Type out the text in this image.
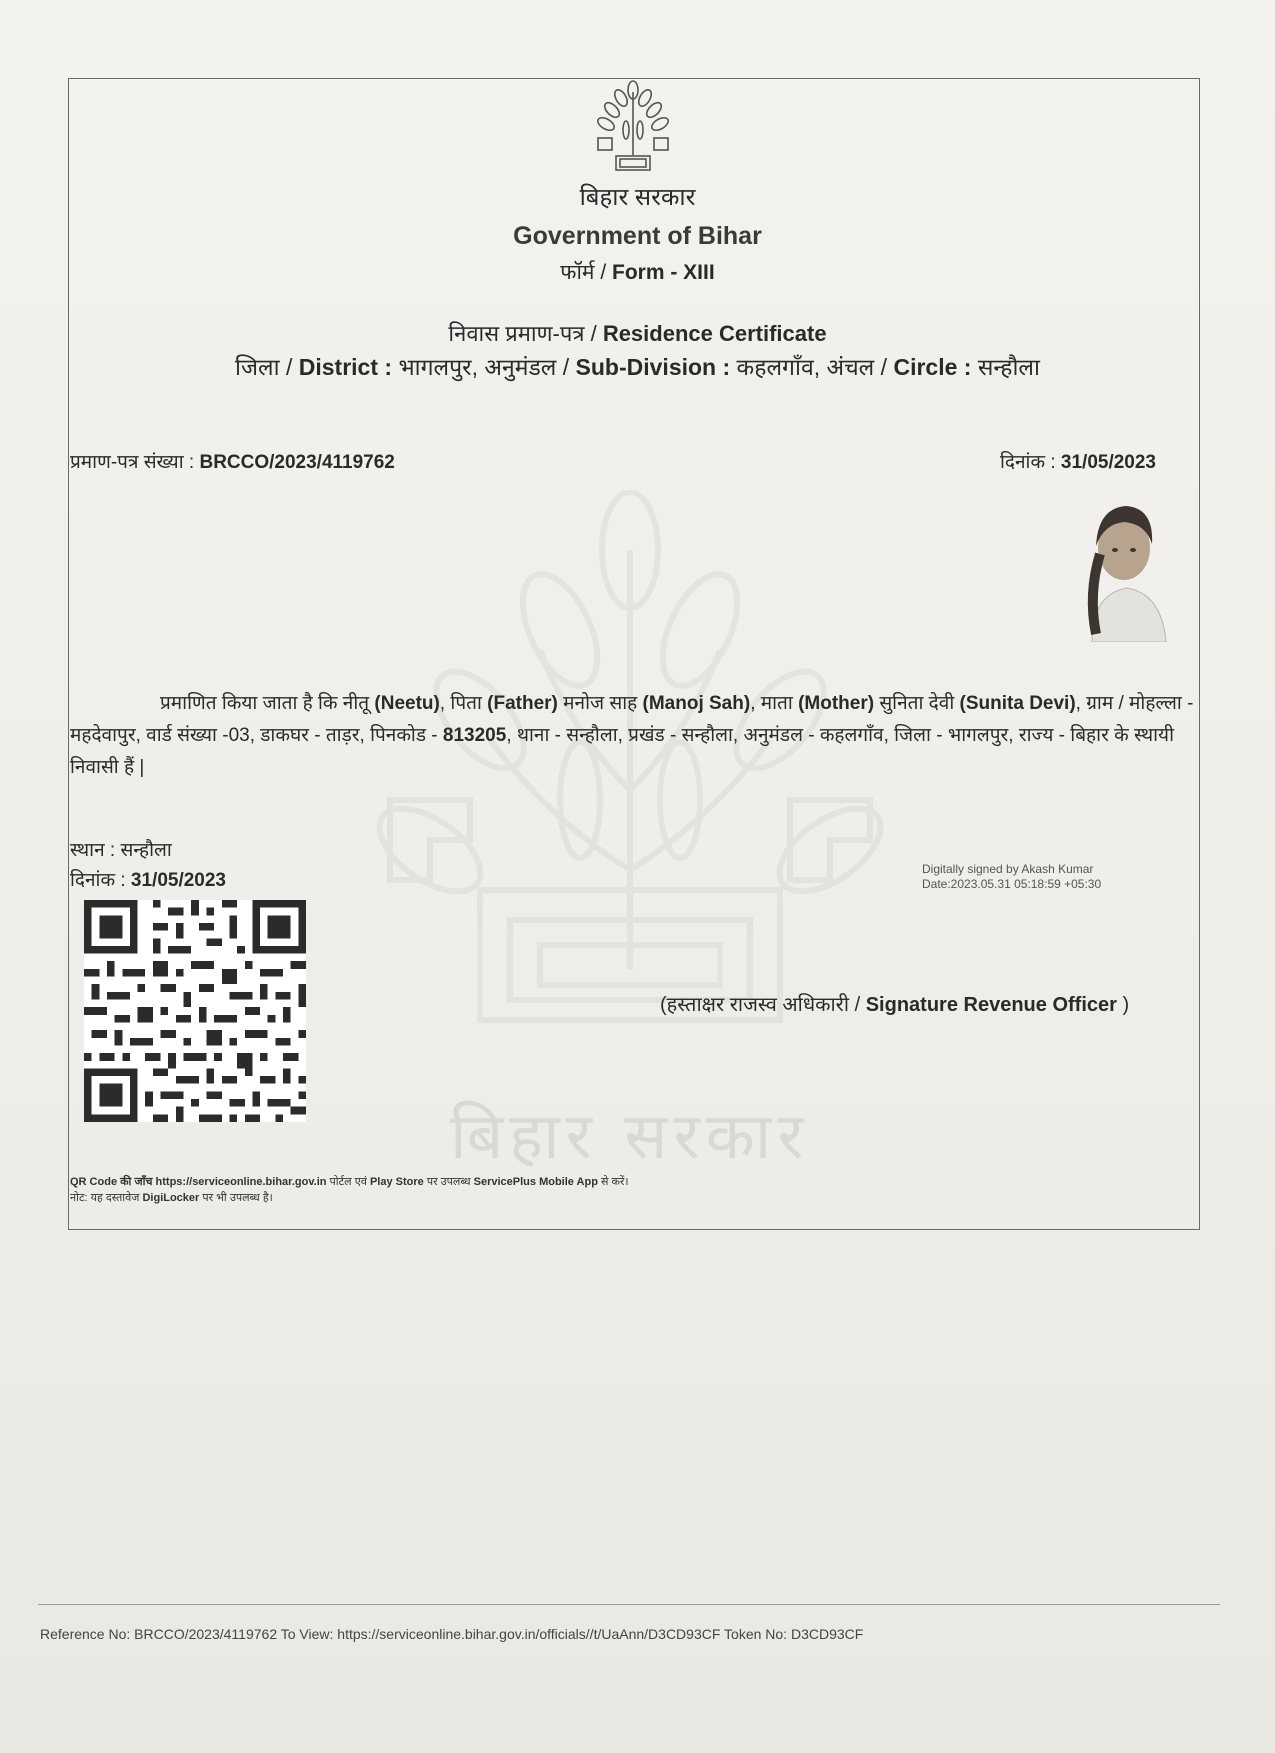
बिहार सरकार
बिहार सरकार
Government of Bihar
फॉर्म / Form - XIII
निवास प्रमाण-पत्र / Residence Certificate
जिला / District : भागलपुर, अनुमंडल / Sub-Division : कहलगाँव, अंचल / Circle : सन्हौला
प्रमाण-पत्र संख्या : BRCCO/2023/4119762	दिनांक : 31/05/2023
प्रमाणित किया जाता है कि नीतू (Neetu), पिता (Father) मनोज साह (Manoj Sah), माता (Mother) सुनिता देवी (Sunita Devi), ग्राम / मोहल्ला - महदेवापुर, वार्ड संख्या -03, डाकघर - ताड़र, पिनकोड - 813205, थाना - सन्हौला, प्रखंड - सन्हौला, अनुमंडल - कहलगाँव, जिला - भागलपुर, राज्य - बिहार के स्थायी निवासी हैं |
स्थान : सन्हौला
दिनांक : 31/05/2023
Digitally signed by Akash Kumar
Date:2023.05.31 05:18:59 +05:30
(हस्ताक्षर राजस्व अधिकारी / Signature Revenue Officer )
QR Code की जाँच https://serviceonline.bihar.gov.in पोर्टल एवं Play Store पर उपलब्ध ServicePlus Mobile App से करें।
नोट: यह दस्तावेज DigiLocker पर भी उपलब्ध है।
Reference No: BRCCO/2023/4119762 To View: https://serviceonline.bihar.gov.in/officials//t/UaAnn/D3CD93CF Token No: D3CD93CF
